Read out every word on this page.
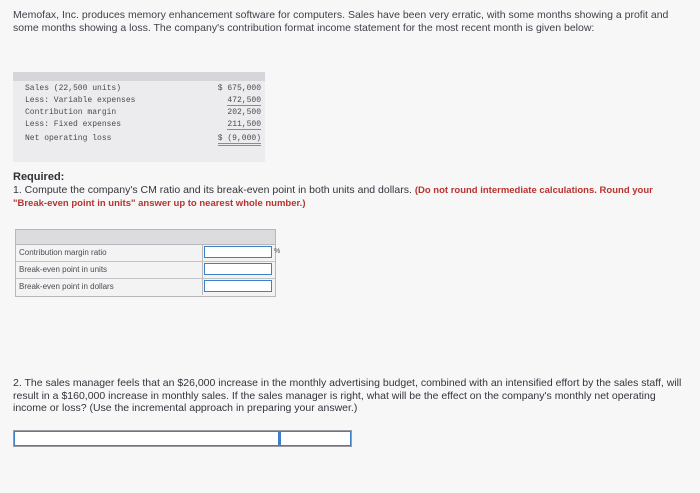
Memofax, Inc. produces memory enhancement software for computers. Sales have been very erratic, with some months showing a profit and some months showing a loss. The company's contribution format income statement for the most recent month is given below:
Sales (22,500 units)	$ 675,000
Less: Variable expenses	472,500
Contribution margin	202,500
Less: Fixed expenses	211,500
Net operating loss	$ (9,000)
Required:
1. Compute the company's CM ratio and its break-even point in both units and dollars. (Do not round intermediate calculations. Round your "Break-even point in units" answer up to nearest whole number.)
Contribution margin ratio	%
Break-even point in units
Break-even point in dollars
2. The sales manager feels that an $26,000 increase in the monthly advertising budget, combined with an intensified effort by the sales staff, will result in a $160,000 increase in monthly sales. If the sales manager is right, what will be the effect on the company's monthly net operating income or loss? (Use the incremental approach in preparing your answer.)
